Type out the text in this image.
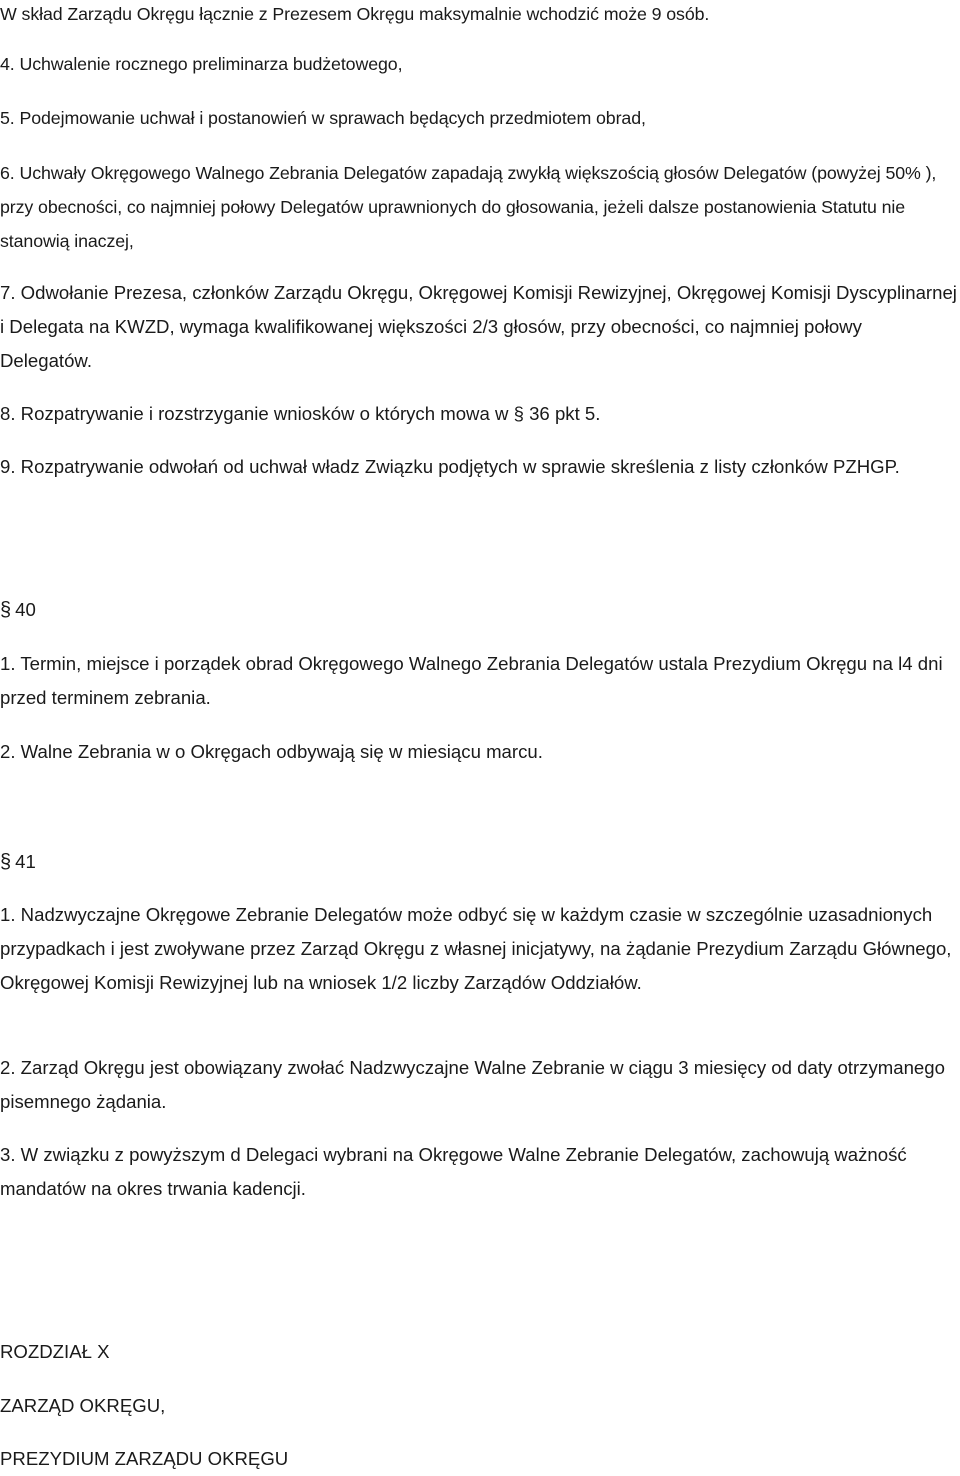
W skład Zarządu Okręgu łącznie z Prezesem Okręgu maksymalnie wchodzić może 9 osób.

4. Uchwalenie rocznego preliminarza budżetowego,

5. Podejmowanie uchwał i postanowień w sprawach będących przedmiotem obrad,

6. Uchwały Okręgowego Walnego Zebrania Delegatów zapadają zwykłą większością głosów Delegatów (powyżej 50% ), przy obecności, co najmniej połowy Delegatów uprawnionych do głosowania, jeżeli dalsze postanowienia Statutu nie stanowią inaczej,

7. Odwołanie Prezesa, członków Zarządu Okręgu, Okręgowej Komisji Rewizyjnej, Okręgowej Komisji Dyscyplinarnej i Delegata na KWZD, wymaga kwalifikowanej większości 2/3 głosów, przy obecności, co najmniej połowy Delegatów.

8. Rozpatrywanie i rozstrzyganie wniosków o których mowa w § 36 pkt 5.

9. Rozpatrywanie odwołań od uchwał władz Związku podjętych w sprawie skreślenia z listy członków PZHGP.

§ 40

1. Termin, miejsce i porządek obrad Okręgowego Walnego Zebrania Delegatów ustala Prezydium Okręgu na l4 dni przed terminem zebrania.

2. Walne Zebrania w o Okręgach odbywają się w miesiącu marcu.

§ 41

1. Nadzwyczajne Okręgowe Zebranie Delegatów może odbyć się w każdym czasie w szczególnie uzasadnionych przypadkach i jest zwoływane przez Zarząd Okręgu z własnej inicjatywy, na żądanie Prezydium Zarządu Głównego, Okręgowej Komisji Rewizyjnej lub na wniosek 1/2 liczby Zarządów Oddziałów.

2. Zarząd Okręgu jest obowiązany zwołać Nadzwyczajne Walne Zebranie w ciągu 3 miesięcy od daty otrzymanego pisemnego żądania.

3. W związku z powyższym d Delegaci wybrani na Okręgowe Walne Zebranie Delegatów, zachowują ważność mandatów na okres trwania kadencji.

ROZDZIAŁ X
ZARZĄD OKRĘGU,
PREZYDIUM ZARZĄDU OKRĘGU
